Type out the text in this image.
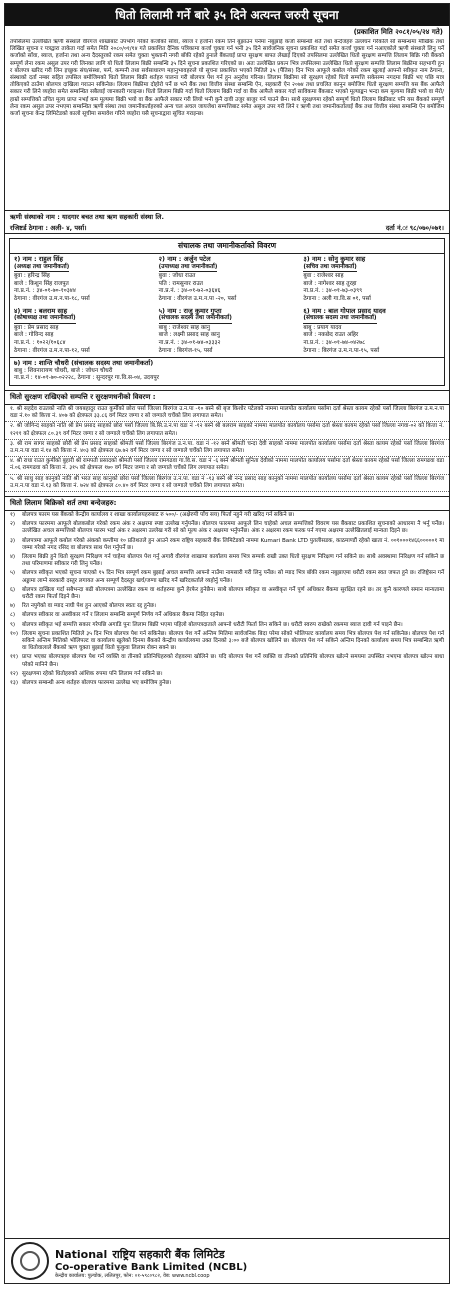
धितो लिलामी गर्ने बारे ३५ दिने अत्यन्त जरुरी सूचना
(प्रकाशित मिति २०८१/०५/२४ गते)
तपसिलमा उल्लेखित ऋणी संस्थाले वीरगंज शाखाबाट उपभोग गरेको कर्जाको साँवा, ब्याज र हर्जाना रकम तिर्न बुझाउन पनेमा नबुझाई कर्जा सम्बन्धी शर्त तथा बन्देजहरु उल्लंघन गरेकोले सो सम्बन्धमा मौखिक तथा लिखित सूचना र पत्रद्वारा ताकेता गर्दा समेत मिति २०८०/०१/१४ गते प्रकाशित दैनिक पत्रिकामा कर्जा चुक्ता गर्न भनी ३५ दिने सार्वजनिक सूचना प्रकाशित गर्दा समेत कर्जा चुक्ता गर्न नआएकोले ऋणी संस्थाले लिनु पर्ने कर्जाको साँवा, ब्याज, हर्जाना तथा अन्य दैदस्तुरको रकम समेत चुक्ता भुक्तानी नगरी बाँकी रहेको हुनाले बैंकलाई प्राप्त सुरक्षण बापत लेखाई दिएको तपसिलमा उल्लेखित धितो सुरक्षण सम्पत्ति लिलाम बिक्रि गरी बैंकको सम्पूर्ण लेना रकम असुल उपर गरी लिनका लागि यो धितो लिलाम बिक्री सम्बन्धि ३५ दिने सूचना प्रकाशित गरिएको छ। अतः उल्लेखित प्रयत्न भित्र तपसिलमा उल्लेखित धितो सुरक्षण सम्पत्ति लिलाम बिक्रीमा सहभागी हुन र बोलपत्र खरिद गरी लिन इच्छुक संघ/संस्था, फर्म, कम्पनी तथा सर्वसाधारण महानुभावहरुले यो सूचना प्रकाशित भएको मितिले ३५ (पैंतिस) दिन भित्र आफूले कबोल गरेको रकम खुलाई आफ्नो स्वीकृत नाम ठेगाना, संस्थाको दर्ता नम्बर सहित तपसिल बमोजिमको धितो लिलाम बिक्री शर्तहरु पालना गरी बोलपत्र पेश गर्न हुन अनुरोध गरिन्छ। लिलाम बिक्रीमा सो सुरक्षण रहेको धितो सम्पत्ति सकेसम्म नगदमा बिक्री भए पछि मात्र तोकिएको ठाउँमा बोलपत्र दाखिला गराउन सकिनेछ। लिलाम बिक्रीमा दोहोरो पर्ने छ भने बैंक तथा वित्तीय संस्था सम्बन्धि ऐन, सहकारी ऐन २०७४ तथा प्रचलित कानुन बमोजिम धितो सुरक्षण सम्पत्ति यस बैंक आफैले सकार गरी लिने व्यहोरा समेत सम्बन्धित सबैलाई जानकारी गराइन्छ। धितो लिलाम बिक्री गर्दा धितो लिलाम बिक्री गर्दा वा बैंक आफैले सकार गर्दा साविकमा बैंकबाट भएको मूल्याङ्कन भन्दा कम मूल्यमा बिक्री भयो वा मेरो/हाम्रो सम्पत्तिको उचित मूल्य प्राप्त नभई कम मूल्यमा बिक्री भयो वा बैंक आफैले सकार गरी लियो भनी कुनै दावी उजुर बाजुर गर्न पाउने छैन। साथै सुरक्षणमा रहेको सम्पूर्ण धितो लिलाम बिक्रीबाट पनि यस बैंकको सम्पूर्ण लेना रकम असुल उपर नभएमा सम्बन्धित ऋणी संस्था तथा जमानीकर्ताहरुको अन्य चल अचल जायजेथा सम्पत्तिबाट समेत असुल उपर गरी लिने र ऋणी तथा जमानीकर्तालाई बैंक तथा वित्तीय संस्था सम्बन्धि ऐन बमोजिम कर्जा सूचना केन्द्र लिमिटेडको कालो सूचीमा समावेश गरिने व्यहोरा यसै सूचनाद्वारा सूचित गराइन्छ।
ऋणी संस्थाको नाम : यादगार बचत तथा ऋण सहकारी संस्था लि.
रजिष्टर्ड ठेगाना : अली- ४, पर्सा।	दर्ता नं.ः ९८/०७०/०७१।
संचालक तथा जमानीकर्ताको विवरण
१) नाम : राहुल सिंह
(अध्यक्ष तथा जमानीकर्ता)
बुवा : हरिन्द्र सिंह
बाजे : किशुन सिंह राजपुत
ना.प्र.नं. : ३४-०१-७०-१०३४४
ठेगाना : वीरगंज उ.म.न.पा-१८, पर्सा
२) नाम : अर्जुन पटेल
(उपाध्यक्ष तथा जमानीकर्ता)
बुवा : जोधा राउत
पति : रामसुनार राउत
ना.प्र.नं. : ३४-०१-७२-०३६४६
ठेगाना : वीरगंज उ.म.न.पा -२०, पर्सा
३) नाम : सोनु कुमार साह
(सचिव तथा जमानीकर्ता)
बुवा : राजेश्वर साह
बाजे : नागेश्वर साह तुरहा
ना.प्र.नं. : ३४-०१-७३-०३९९
ठेगाना : अली गा.वि.स ०१, पर्सा
४) नाम : बलराम साह
(कोषाध्यक्ष तथा जमानीकर्ता)
बुवा : प्रेम प्रसाद साह
बाजे : गोविन्द साह
ना.प्र.नं. : १०२२/१०६८४
ठेगाना : वीरगंज उ.म.न.पा-१२, पर्सा
५) नाम : राजु कुमार गुप्ता
(संचालक सदस्य तथा जमानीकर्ता)
बाबु : राजेश्वर साह कानु
बाजे : लक्ष्मी प्रसाद साह कानु
ना.प्र.नं. : ३४-०१-७४-०३३३२
ठेगाना : बिरगंज-१५, पर्सा
६) नाम : बाल गोपाल प्रसाद यादव
(संचालक सदस्य तथा जमानीकर्ता)
बाबु : प्रयाग यादव
बाजे : नकछेद राउत अहिर
ना.प्र.नं. : ३४-०१-७४-०४२७८
ठेगाना : बिरगंज उ.म.न.पा-१५, पर्सा
७) नाम : शान्ति चौधरी (संचालक सदस्य तथा जमानीकर्ता)
बाबु : शिवनारायण चौधरी, बाजे : जोधन चौधरी
ना.प्र.नं : १४-०१-७०-०२२२८, ठेगाना : सुन्दरपुर गा.वि.स-०४, उदयपुर
धितो सुरक्षण राखिएको सम्पत्ति र सुरक्षणधनीको विवरण :
१. श्री सहदेव राउतको नाति श्री जयबहादुर राउत कुर्मीको छोरा पर्सा जिल्ला बिरगंज उ.न.पा -१० बस्ने श्री बृज किशोर पटेलको नाममा मालपोत कार्यालय पर्सामा दर्ता श्रेस्ता कायम रहेको पर्सा जिल्ला बिरगंज उ.म.न.पा वडा नं.१० को कित्ता नं. ४०७ को क्षेत्रफल ३३.८६ वर्ग मिटर जग्गा र सो जग्गाले चर्चेको लिग लगापात समेत।
२. श्री जोगिन्द साहको नाति श्री प्रेम प्रसाद साहको छोरा पर्सा जिल्ला बि.सि.उ.न.पा वडा नं -१२ बस्ने श्री बलराम साहको नाममा मालपोत कार्यालय पर्सामा दर्ता श्रेस्ता कायम रहेको पर्सा जिल्ला नगवा-०२ को कित्ता नं. १२११ को क्षेत्रफल ८०.३९ वर्ग मिटर जग्गा र सो जग्गाले चर्चेको लिग लगापात समेत।
३. श्री राम सागर साहको छोरी श्री प्रेम प्रसाद साहको श्रीमती पर्सा जिल्ला बिरगंज उ.न.पा. वडा नं -१२ बस्ने श्रीमती चन्दा देवी साहको नाममा मालपोत कार्यालय पर्सामा दर्ता श्रेस्ता कायम रहेको पर्सा जिल्ला बिरगंज उ.म.न.पा वडा नं.१४ को कित्ता नं. ४०३ को क्षेत्रफल ६७.७२ वर्ग मिटर जग्गा र सो जग्गाले चर्चेको लिग लगापात समेत।
४. श्री राधा राउत कुर्मीको बुहारी श्री रामपती प्रसादको श्रीमती पर्सा जिल्ला रामगढवा गा.वि.स. वडा नं -६ बस्ने श्रीमती सुनिता देवीको नाममा मालपोत कार्यालय पर्सामा दर्ता श्रेस्ता कायम रहेको पर्सा जिल्ला रामगढवा वडा नं.०६ रामगढवा को कित्ता नं. ३१५ को क्षेत्रफल १७० वर्ग मिटर जग्गा र सो जग्गाले चर्चेको लिग लगापात समेत।
५. श्री साधु साह कानुको नाति श्री भरत साह कानुको छोरा पर्सा जिल्ला बिरगंज उ.न.पा. वडा नं -१३ बस्ने श्री नन्द प्रसाद साह कानुको नाममा मालपोत कार्यालय पर्सामा दर्ता श्रेस्ता कायम रहेको पर्सा जिल्ला बिरगंज उ.म.न.पा वडा नं.१३ को कित्ता नं. ७२४ को क्षेत्रफल ८०.४० वर्ग मिटर जग्गा र सो जग्गाले चर्चेको लिग लगापात समेत।
धितो लिलाम बिक्रिको शर्त तथा बन्देजहरु:
१)	बोलपत्र फारम यस बैंकको केन्द्रीय कार्यालय र शाखा कार्यालयहरुबाट रु ५००/- (अक्षेरुपी पाँच सय) फिर्ता नहुने गरी खरिद गर्न सकिने छ।
२)	बोलपत्र फारममा आफूले बोलकबोल गरेको रकम अंक र अक्षरमा स्पष्ट उल्लेख गर्नुपर्नेछ। बोलपत्र फारममा आफूले लिन चाहेको अचल सम्पत्तिको विवरण यस बैंकबाट प्रकाशित सूचनाको आधारमा नै भर्नु पर्नेछ। उल्लेखित अचल सम्पत्तिको बोलपत्र फारम भर्दा अंक र अक्षरमा उल्लेख गरी सो को मूल्य अंक र अक्षरमा भर्नुपर्नेछ। अंक र अक्षरमा रकम फरक पर्न गएमा अक्षरमा उल्लेखितलाई मान्यता दिइने छ।
३)	बोलपत्रमा आफूले कबोल गरेको अंकको कम्तीमा १० प्रतिशतले हुन आउने रकम राष्ट्रिय सहकारी बैंक लिमिटेडको नाममा Kumari Bank LTD पुतलीसडक, काठमाण्डौं रहेको खाता नं. ००१०००१४६६०००००१ मा जम्मा गरेको नगद रसिद वा बोलपत्र साथ पेश गर्नुपर्ने छ।
४)	लिलाम बिक्री हुने धितो सुरक्षण निरिक्षण गर्न चाहेमा बोलपत्र पेश गर्नु अगावै वीरगंज शाखामा कार्यालय समय भित्र सम्पर्क राखी उक्त धितो सुरक्षण निरिक्षण गर्न सकिने छ। साथै अवस्थामा निरिक्षण गर्न सकिने छ तथा परिमाणमा स्वीकार गरी लिनु पर्नेछ।
५)	बोलपत्र स्वीकृत भएको सूचना पाएको १५ दिन भित्र सम्पूर्ण रकम बुझाई अचल सम्पत्ति आफ्नो नाउँमा नामसारी गरी लिनु पर्नेछ। सो म्याद भित्र बाँकी रकम नबुझाएमा धरौटी रकम स्वत जफत हुने छ। रजिष्ट्रेसन गर्ने अड्डामा लाग्ने सरकारी दस्तुर लगायत अन्य सम्पूर्ण दैदस्तुर खर्च/जग्गा खरिद गर्ने खरिदकर्ताले व्यहोर्नु पर्नेछ।
६)	बोलपत्र दाखिला गर्दा सबैभन्दा बढी बोलपत्रमा उल्लेखित रकम वा शर्तहरुमा कुनै हेरफेर हुनेछैन। साथै बोलपत्र स्वीकृत वा अस्वीकृत गर्ने पूर्ण अधिकार बैंकमा सुरक्षित रहने छ। तर कुनै कारणले समान मान्यतामा धरौटी रकम फिर्ता दिइने छैन।
७)	रित नपुगेको वा म्याद नाघी पेश हुन आएको बोलपत्र स्वतः रद्द हुनेछ।
८)	बोलपत्र स्वीकार वा अस्वीकार गर्ने र लिलाम सम्बन्धि सम्पूर्ण निर्णय गर्ने अधिकार बैंकमा निहित रहनेछ।
९)	बोलपत्र स्वीकृत भई सम्पत्ति सकार गरेपछि अगाडि पुनः लिलाम बिक्री भएमा पहिलो बोलपत्रदाताले आफ्नो धरौटी फिर्ता लिन सकिने छ। धरौटी स्वरुप राखेको रकममा ब्याज दावी गर्न पाइने छैन।
१०) लिलाम सूचना प्रकाशित मितिले ३५ दिन भित्र बोलपत्र पेश गर्न सकिनेछ। बोलपत्र पेश गर्ने अन्तिम मितिमा सार्वजनिक बिदा परेमा सोको भोलिपल्ट कार्यालय समय भित्र बोलपत्र पेश गर्न सकिनेछ। बोलपत्र पेश गर्न सकिने अन्तिम मितिको भोलिपल्ट वा कार्यालय खुलेको दिनमा बैंकको केन्द्रीय कार्यालयमा उक्त दिनको ३:०० बजे बोलपत्र खोलिने छ। बोलपत्र पेश गर्न सकिने अन्तिम दिनको कार्यालय समय भित्र सम्बन्धित ऋणी वा धितोवालाले बैंकको ऋण चुक्ता बुझाई धितो फुकुवा लिलाम रोक्न सक्ने छ।
११) प्राप्त भएका बोलपत्रहरु बोलपत्र पेश गर्ने व्यक्ति वा तीनको प्रतिनिधिहरुको रोहवरमा खोलिने छ। यदि बोलपत्र पेश गर्ने व्यक्ति वा तीनको प्रतिनिधि बोलपत्र खोल्ने समयमा उपस्थित नभएमा बोलपत्र खोल्न बाधा परेको मानिने छैन।
१२) सुरक्षणमा रहेको धितोहरुको आंशिक रुपमा पनि लिलाम गर्न सकिने छ।
१३) बोलपत्र सम्बन्धी अन्य शर्तहरु बोलपत्र फारममा उल्लेख भए बमोजिम हुनेछ।
National राष्ट्रिय सहकारी बैंक लिमिटेड
Co-operative Bank Limited (NCBL)
केन्द्रीय कार्यालय: पुल्चोक, ललितपुर, फोन: ०१-५९८०९८२, वेब: www.ncbl.coop
